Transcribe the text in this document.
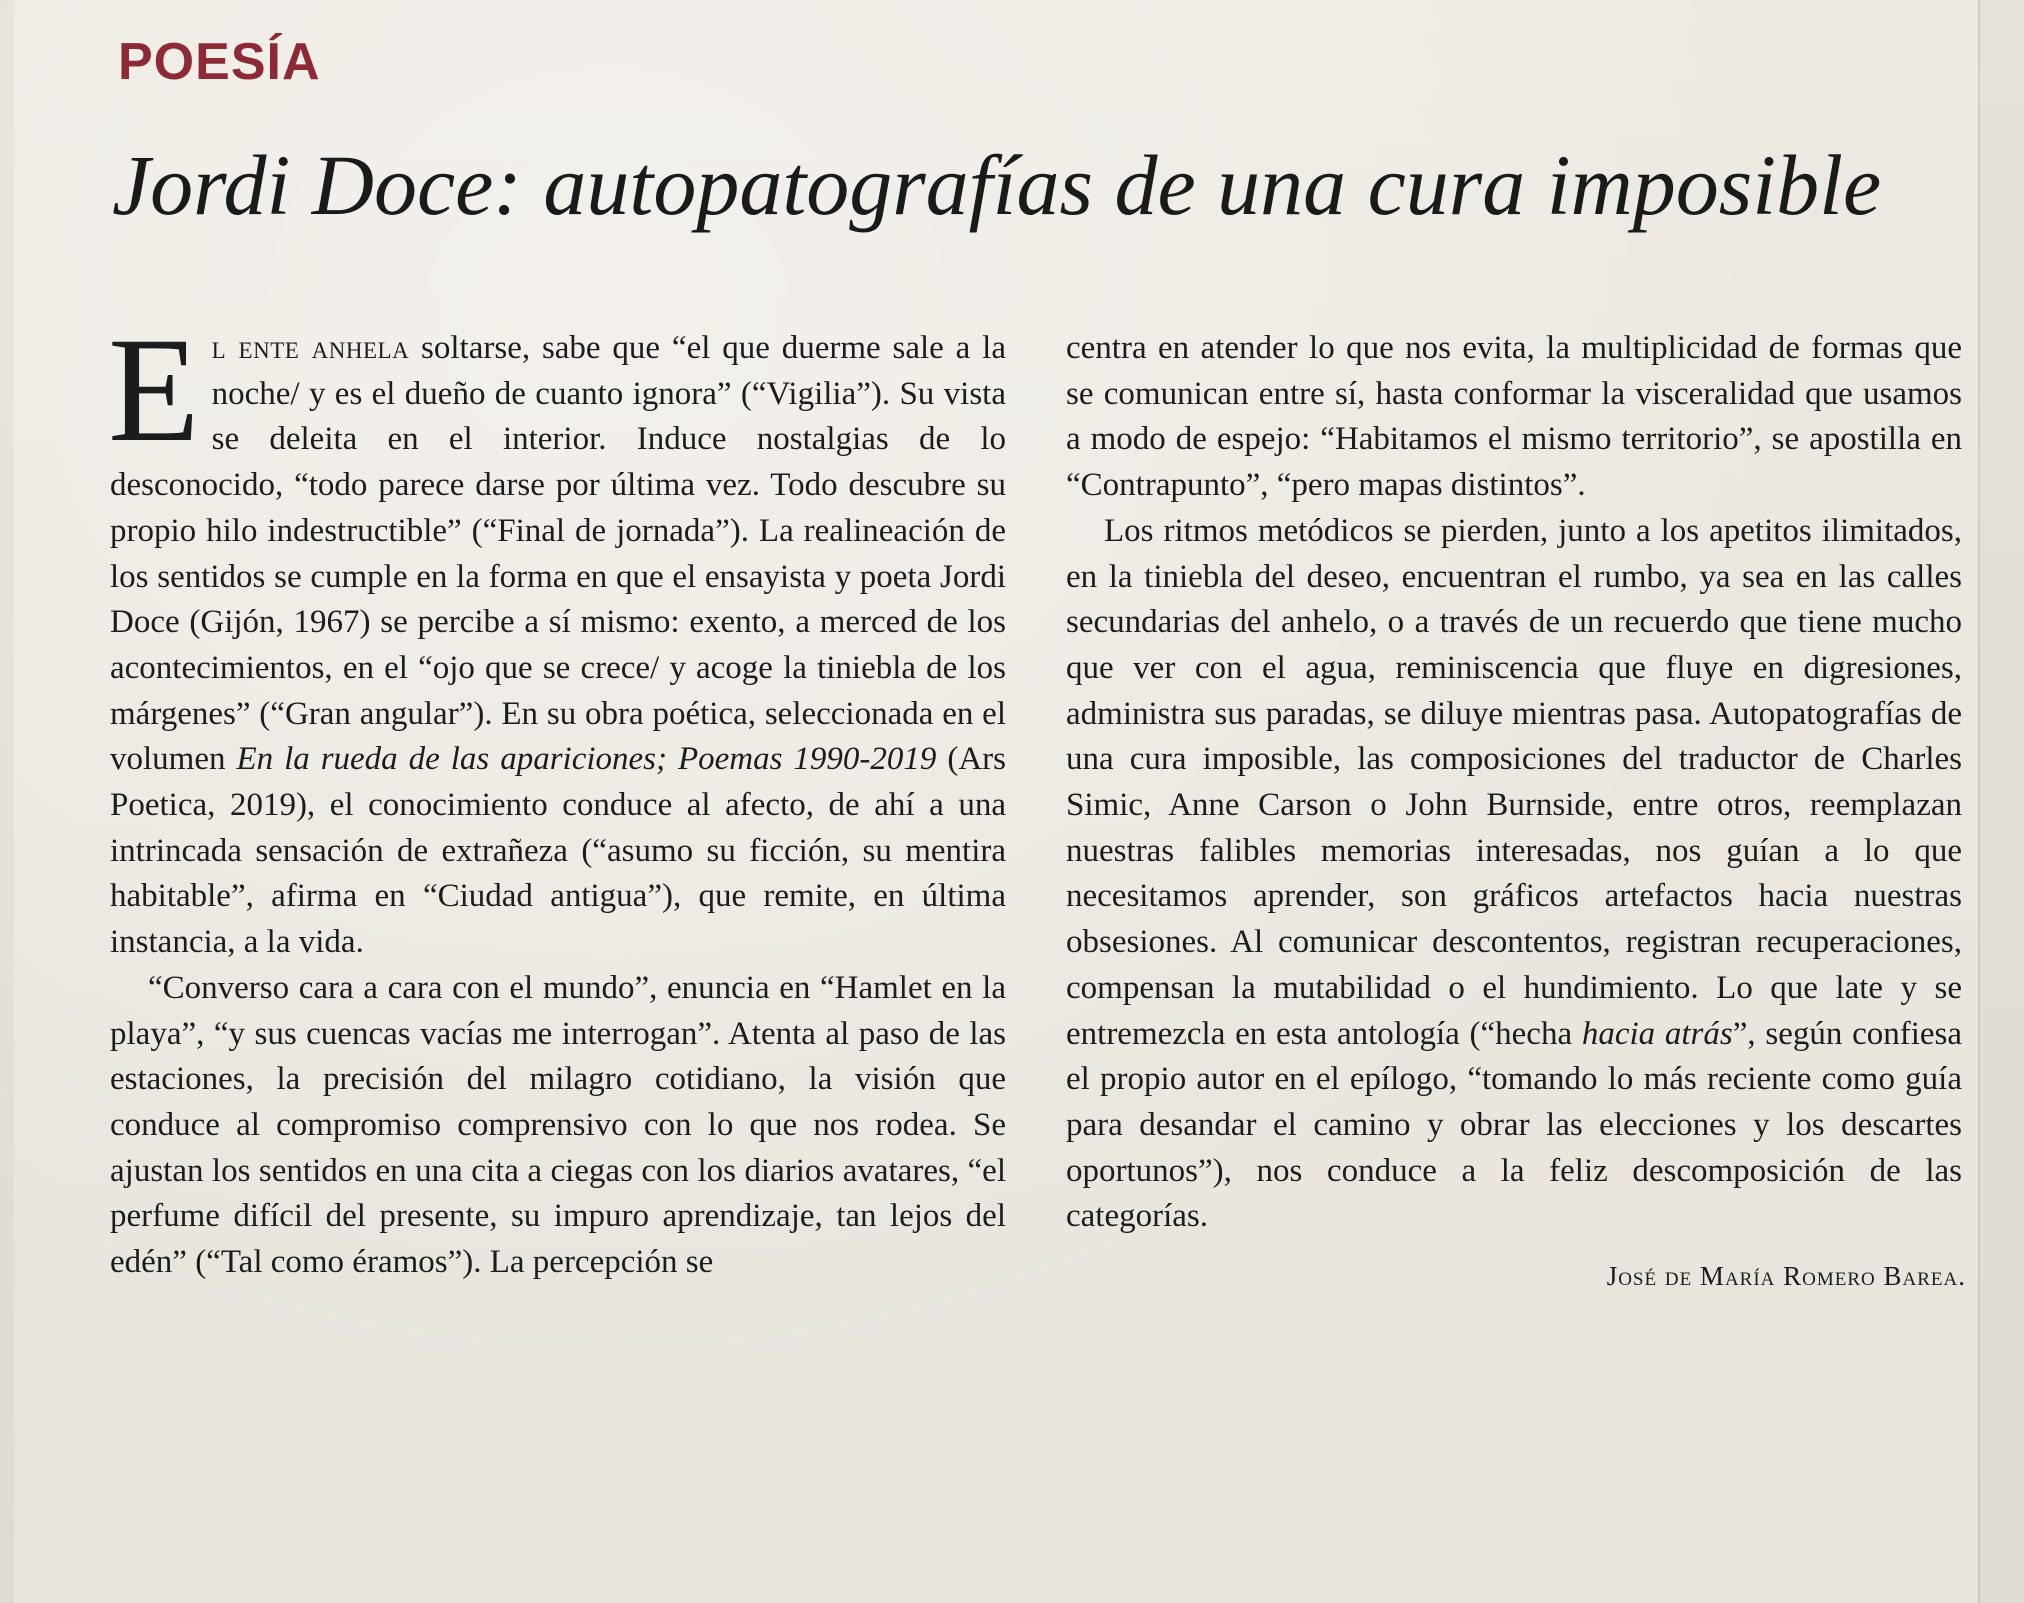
POESÍA
Jordi Doce: autopatografías de una cura imposible

El ente anhela soltarse, sabe que “el que duerme sale a la noche/ y es el dueño de cuanto ignora” (“Vigilia”). Su vista se deleita en el interior. Induce nostalgias de lo desconocido, “todo parece darse por última vez. Todo descubre su propio hilo indestructible” (“Final de jornada”). La realineación de los sentidos se cumple en la forma en que el ensayista y poeta Jordi Doce (Gijón, 1967) se percibe a sí mismo: exento, a merced de los acontecimientos, en el “ojo que se crece/ y acoge la tiniebla de los márgenes” (“Gran angular”). En su obra poética, seleccionada en el volumen En la rueda de las apariciones; Poemas 1990-2019 (Ars Poetica, 2019), el conocimiento conduce al afecto, de ahí a una intrincada sensación de extrañeza (“asumo su ficción, su mentira habitable”, afirma en “Ciudad antigua”), que remite, en última instancia, a la vida.

“Converso cara a cara con el mundo”, enuncia en “Hamlet en la playa”, “y sus cuencas vacías me interrogan”. Atenta al paso de las estaciones, la precisión del milagro cotidiano, la visión que conduce al compromiso comprensivo con lo que nos rodea. Se ajustan los sentidos en una cita a ciegas con los diarios avatares, “el perfume difícil del presente, su impuro aprendizaje, tan lejos del edén” (“Tal como éramos”). La percepción se

centra en atender lo que nos evita, la multiplicidad de formas que se comunican entre sí, hasta conformar la visceralidad que usamos a modo de espejo: “Habitamos el mismo territorio”, se apostilla en “Contrapunto”, “pero mapas distintos”.

Los ritmos metódicos se pierden, junto a los apetitos ilimitados, en la tiniebla del deseo, encuentran el rumbo, ya sea en las calles secundarias del anhelo, o a través de un recuerdo que tiene mucho que ver con el agua, reminiscencia que fluye en digresiones, administra sus paradas, se diluye mientras pasa. Autopatografías de una cura imposible, las composiciones del traductor de Charles Simic, Anne Carson o John Burnside, entre otros, reemplazan nuestras falibles memorias interesadas, nos guían a lo que necesitamos aprender, son gráficos artefactos hacia nuestras obsesiones. Al comunicar descontentos, registran recuperaciones, compensan la mutabilidad o el hundimiento. Lo que late y se entremezcla en esta antología (“hecha hacia atrás”, según confiesa el propio autor en el epílogo, “tomando lo más reciente como guía para desandar el camino y obrar las elecciones y los descartes oportunos”), nos conduce a la feliz descomposición de las categorías.

José de María Romero Barea.
